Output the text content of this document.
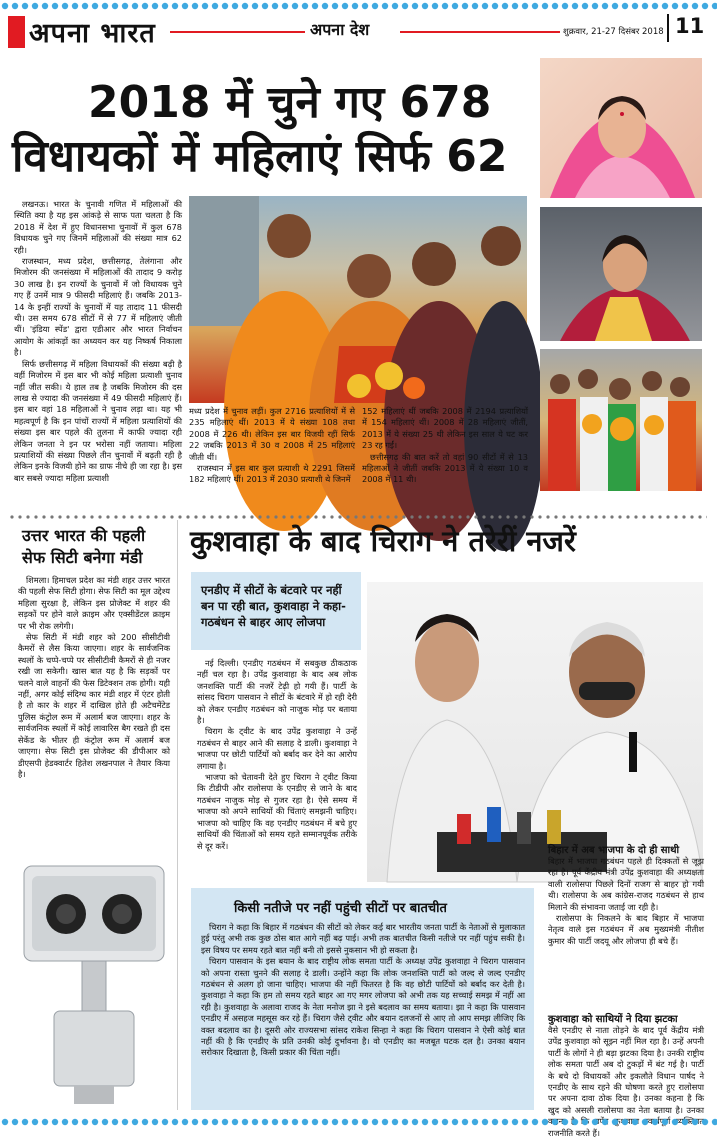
अपना भारत	अपना देश	शुक्रवार, 21-27 दिसंबर 2018 11
2018 में चुने गए 678
विधायकों में महिलाएं सिर्फ 62

लखनऊ। भारत के चुनावी गणित में महिलाओं की स्थिति क्या है यह इस आंकड़े से साफ पता चलता है कि 2018 में देश में हुए विधानसभा चुनावों में कुल 678 विधायक चुने गए जिनमें महिलाओं की संख्या मात्र 62 रही।

राजस्थान, मध्य प्रदेश, छत्तीसगढ़, तेलंगाना और मिजोरम की जनसंख्या में महिलाओं की तादाद 9 करोड़ 30 लाख है। इन राज्यों के चुनावों में जो विधायक चुने गए हैं उनमें मात्र 9 फीसदी महिलाएं हैं। जबकि 2013-14 के इन्हीं राज्यों के चुनावों में यह तादाद 11 फीसदी थी। उस समय 678 सीटों में से 77 में महिलाएं जीती थीं। 'इंडिया स्पेंड' द्वारा एडीआर और भारत निर्वाचन आयोग के आंकड़ों का अध्ययन कर यह निष्कर्ष निकाला है।

सिर्फ छत्तीसगढ़ में महिला विधायकों की संख्या बढ़ी है वहीं मिजोरम में इस बार भी कोई महिला प्रत्याशी चुनाव नहीं जीत सकी। ये हाल तब है जबकि मिजोरम की दस लाख से ज्यादा की जनसंख्या में 49 फीसदी महिलाएं हैं। इस बार वहां 18 महिलाओं ने चुनाव लड़ा था। यह भी महत्वपूर्ण है कि इन पांचों राज्यों में महिला प्रत्याशियों की संख्या इस बार पहले की तुलना में काफी ज्यादा रही लेकिन जनता ने इन पर भरोसा नहीं जताया। महिला प्रत्याशियों की संख्या पिछले तीन चुनावों में बढ़ती रही है लेकिन इनके विजयी होने का ग्राफ नीचे ही जा रहा है। इस बार सबसे ज्यादा महिला प्रत्याशी

मध्य प्रदेश में चुनाव लड़ीं। कुल 2716 प्रत्याशियों में से 235 महिलाएं थीं। 2013 में ये संख्या 108 तथा 2008 में 226 थी। लेकिन इस बार विजयी रहीं सिर्फ 22 जबकि 2013 में 30 व 2008 में 25 महिलाएं जीती थीं।

राजस्थान में इस बार कुल प्रत्याशी थे 2291 जिसमें 182 महिलाएं थीं। 2013 में 2030 प्रत्याशी थे जिनमें

152 महिलाएं थीं जबकि 2008 में 2194 प्रत्याशियों में 154 महिलाएं थीं। 2008 में 28 महिलाएं जीतीं, 2013 में ये संख्या 25 थी लेकिन इस साल ये घट कर 23 रह गईं।

छत्तीसगढ़ की बात करें तो वहां 90 सीटों में से 13 महिलाओं ने जीतीं जबकि 2013 में ये संख्या 10 व 2008 में 11 थी।

उत्तर भारत की पहली
सेफ सिटी बनेगा मंडी

शिमला। हिमाचल प्रदेश का मंडी शहर उत्तर भारत की पहली सेफ सिटी होगा। सेफ सिटी का मूल उद्देश्य महिला सुरक्षा है, लेकिन इस प्रोजेक्ट में शहर की सड़कों पर होने वाले क्राइम और एक्सीडेंटल क्राइम पर भी रोक लगेगी।

सेफ सिटी में मंडी शहर को 200 सीसीटीवी कैमरों से लैस किया जाएगा। शहर के सार्वजनिक स्थलों के चप्पे-चप्पे पर सीसीटीवी कैमरों से ही नजर रखी जा सकेगी। खास बात यह है कि सड़कों पर चलने वाले वाहनों की फेस डिटेक्शन तक होगी। यही नहीं, अगर कोई संदिग्ध कार मंडी शहर में एंटर होती है तो कार के शहर में दाखिल होते ही अटैचमेंटेड पुलिस कंट्रोल रूम में अलार्म बज जाएगा। शहर के सार्वजनिक स्थलों में कोई लावारिस बैग रखते ही दस सेकेंड के भीतर ही कंट्रोल रूम में अलार्म बज जाएगा। सेफ सिटी इस प्रोजेक्ट की डीपीआर को डीएसपी हेडक्वार्टर हितेश लखनपाल ने तैयार किया है।

कुशवाहा के बाद चिराग ने तरेरीं नजरें
एनडीए में सीटों के बंटवारे पर नहीं बन पा रही बात, कुशवाहा ने कहा-गठबंधन से बाहर आए लोजपा

नई दिल्ली। एनडीए गठबंधन में सबकुछ ठीकठाक नहीं चल रहा है। उपेंद्र कुशवाहा के बाद अब लोक जनशक्ति पार्टी की नजरें टेढ़ी हो गयी हैं। पार्टी के सांसद चिराग पासवान ने सीटों के बंटवारे में हो रही देरी को लेकर एनडीए गठबंधन को नाजुक मोड़ पर बताया है।

चिराग के ट्वीट के बाद उपेंद्र कुशवाहा ने उन्हें गठबंधन से बाहर आने की सलाह दे डाली। कुशवाहा ने भाजपा पर छोटी पार्टियों को बर्बाद कर देने का आरोप लगाया है।

भाजपा को चेतावनी देते हुए चिराग ने ट्वीट किया कि टीडीपी और रालोसपा के एनडीए से जाने के बाद गठबंधन नाजुक मोड़ से गुजर रहा है। ऐसे समय में भाजपा को अपने साथियों की चिंताएं समझनी चाहिए। भाजपा को चाहिए कि वह एनडीए गठबंधन में बचे हुए साथियों की चिंताओं को समय रहते सम्मानपूर्वक तरीके से दूर करें।

किसी नतीजे पर नहीं पहुंची सीटों पर बातचीत

चिराग ने कहा कि बिहार में गठबंधन की सीटों को लेकर कई बार भारतीय जनता पार्टी के नेताओं से मुलाकात हुई परंतु अभी तक कुछ ठोस बात आगे नहीं बढ़ पाई। अभी तक बातचीत किसी नतीजे पर नहीं पहुंच सकी है। इस विषय पर समय रहते बात नहीं बनी तो इससे नुकसान भी हो सकता है।

चिराग पासवान के इस बयान के बाद राष्ट्रीय लोक समता पार्टी के अध्यक्ष उपेंद्र कुशवाहा ने चिराग पासवान को अपना रास्ता चुनने की सलाह दे डाली। उन्होंने कहा कि लोक जनशक्ति पार्टी को जल्द से जल्द एनडीए गठबंधन से अलग हो जाना चाहिए। भाजपा की नहीं फितरत है कि वह छोटी पार्टियों को बर्बाद कर देती है। कुशवाहा ने कहा कि हम तो समय रहते बाहर आ गए मगर लोजपा को अभी तक यह सच्चाई समझ में नहीं आ रही है। कुशवाहा के अलावा राजद के नेता मनोज झा ने इसे बदलाव का समय बताया। झा ने कहा कि पासवान एनडीए में असहज महसूस कर रहे हैं। चिराग जैसे ट्वीट और बयान दलजनों से आए तो आप समझ लीजिए कि वक्त बदलाव का है। दूसरी ओर राज्यसभा सांसद राकेश सिन्हा ने कहा कि चिराग पासवान ने ऐसी कोई बात नहीं की है कि एनडीए के प्रति उनकी कोई दुर्भावना है। वो एनडीए का मजबूत घटक दल है। उनका बयान सरोकार दिखाता है, किसी प्रकार की चिंता नहीं।

बिहार में अब भाजपा के दो ही साथी

बिहार में भाजपा गठबंधन पहले ही दिक्कतों से जूझ रहा है। पूर्व केंद्रीय मंत्री उपेंद्र कुशवाहा की अध्यक्षता वाली रालोसपा पिछले दिनों राजग से बाहर हो गयी थी। रालोसपा के अब कांग्रेस-राजद गठबंधन से हाथ मिलाने की संभावना जताई जा रही है।

रालोसपा के निकलने के बाद बिहार में भाजपा नेतृत्व वाले इस गठबंधन में अब मुख्यमंत्री नीतीश कुमार की पार्टी जदयू और लोजपा ही बचे हैं।

कुशवाहा को साथियों ने दिया झटका

वैसे एनडीए से नाता तोड़ने के बाद पूर्व केंद्रीय मंत्री उपेंद्र कुशवाहा को सूझ्न नहीं मिल रहा है। उन्हें अपनी पार्टी के लोगों ने ही बड़ा झटका दिया है। उनकी राष्ट्रीय लोक समता पार्टी अब दो टुकड़ों में बंट गई है। पार्टी के बचे दो विधायकों और इकलौते विधान पार्षद ने एनडीए के साथ रहने की घोषणा करते हुए रालोसपा पर अपना दावा ठोक दिया है। उनका कहना है कि खुद को असली रालोसपा का नेता बताया है। उनका राजनीति करते हैं।
